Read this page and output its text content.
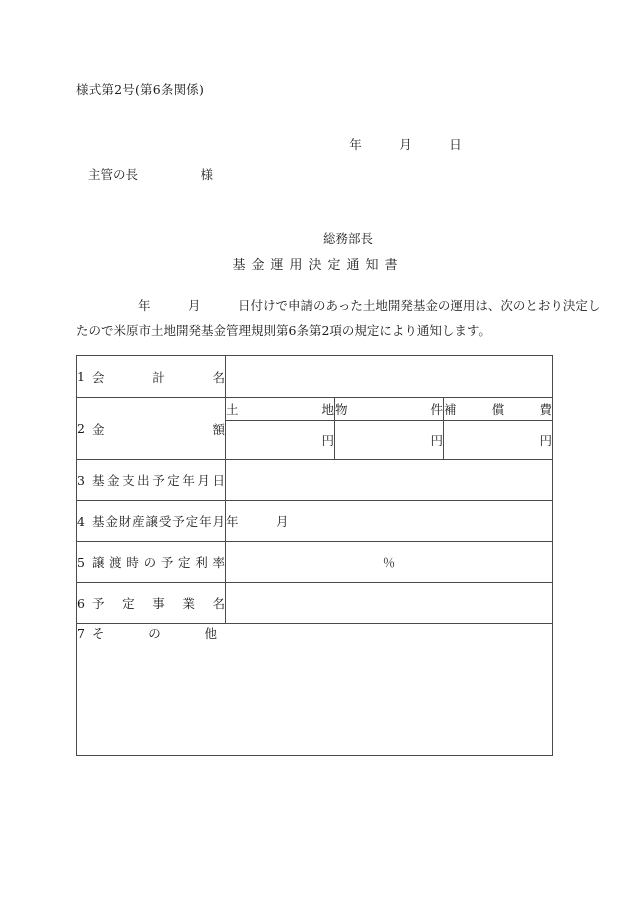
様式第2号(第6条関係)

年　　　月　　　日

主管の長　　　　　様

総務部長

基金運用決定通知書
年　　　月　　　日付けで申請のあった土地開発基金の運用は、次のとおり決定し
たので米原市土地開発基金管理規則第6条第2項の規定により通知します。
1 会 計 名			

2 金 額	土 地	物 件	補 償 費

	円	円	円

3 基 金 支 出 予 定 年 月 日

4 基 金 財 産 譲 受 予 定 年 月	年　　　月

5 譲 渡 時 の 予 定 利 率	％

6 予 定 事 業 名

7 そ の 他			
